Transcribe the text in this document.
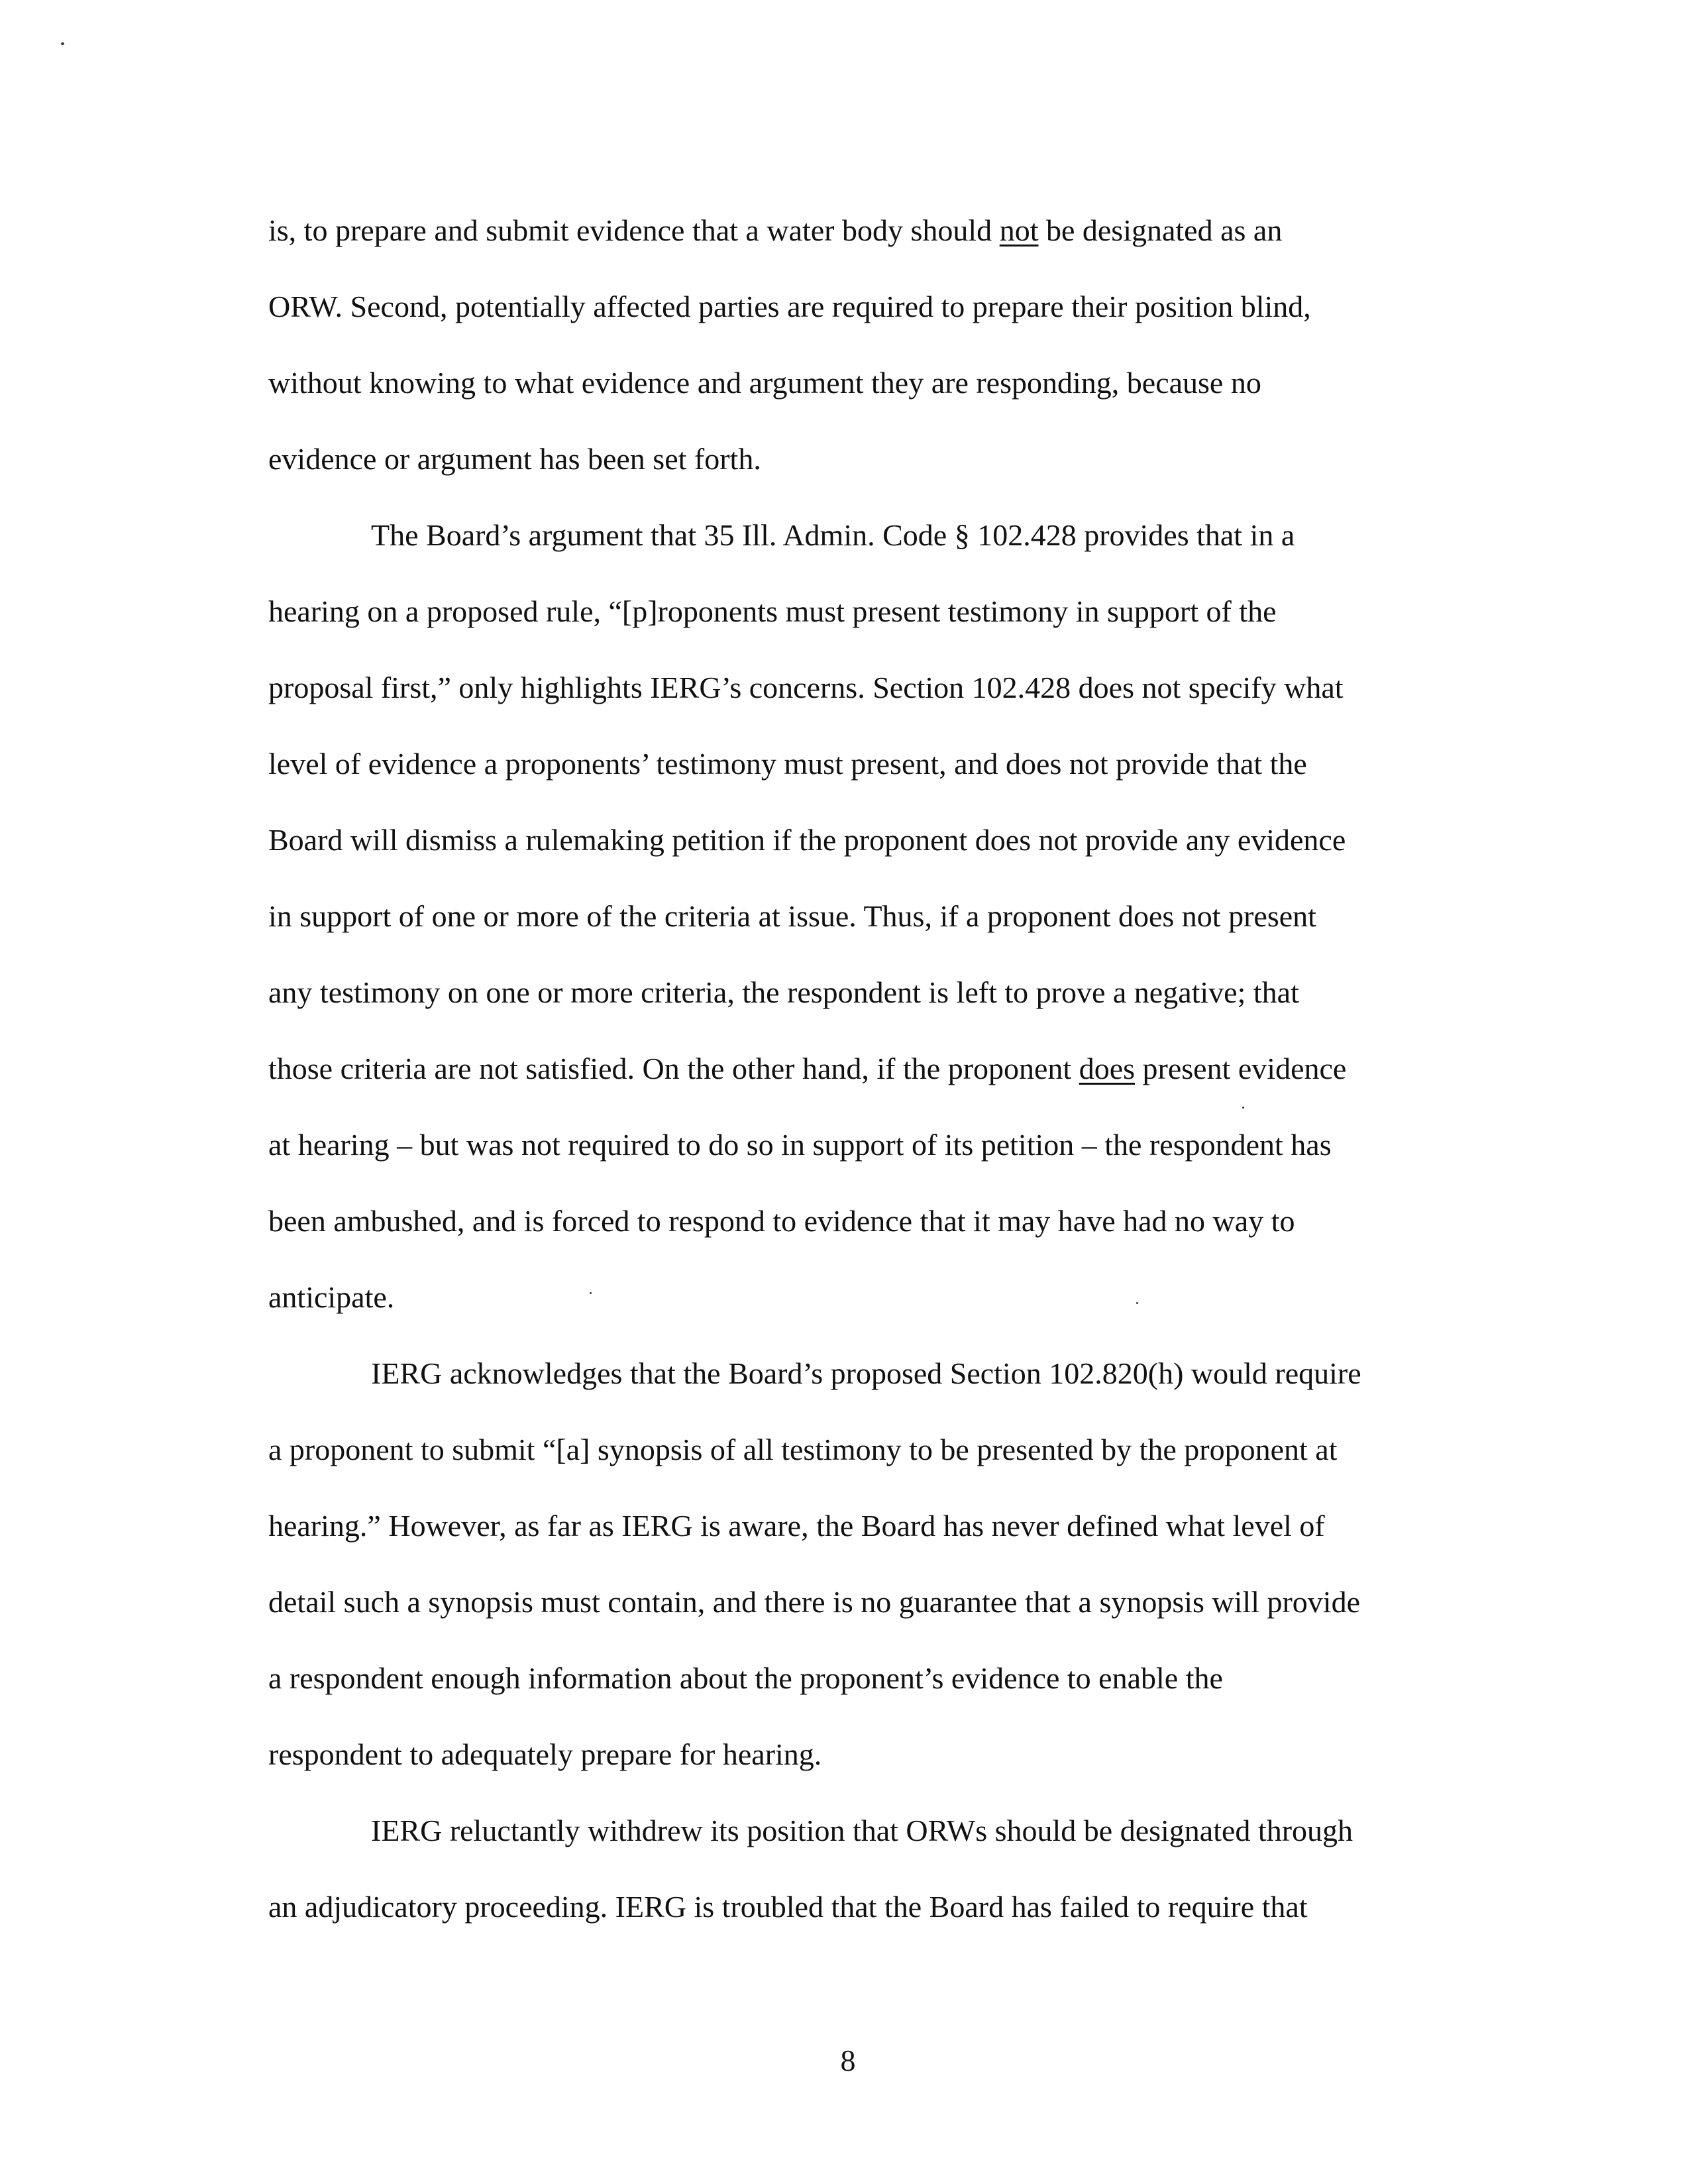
is, to prepare and submit evidence that a water body should not be designated as an
ORW. Second, potentially affected parties are required to prepare their position blind,
without knowing to what evidence and argument they are responding, because no
evidence or argument has been set forth.
The Board’s argument that 35 Ill. Admin. Code § 102.428 provides that in a
hearing on a proposed rule, “[p]roponents must present testimony in support of the
proposal first,” only highlights IERG’s concerns. Section 102.428 does not specify what
level of evidence a proponents’ testimony must present, and does not provide that the
Board will dismiss a rulemaking petition if the proponent does not provide any evidence
in support of one or more of the criteria at issue. Thus, if a proponent does not present
any testimony on one or more criteria, the respondent is left to prove a negative; that
those criteria are not satisfied. On the other hand, if the proponent does present evidence
at hearing – but was not required to do so in support of its petition – the respondent has
been ambushed, and is forced to respond to evidence that it may have had no way to
anticipate.
IERG acknowledges that the Board’s proposed Section 102.820(h) would require
a proponent to submit “[a] synopsis of all testimony to be presented by the proponent at
hearing.” However, as far as IERG is aware, the Board has never defined what level of
detail such a synopsis must contain, and there is no guarantee that a synopsis will provide
a respondent enough information about the proponent’s evidence to enable the
respondent to adequately prepare for hearing.
IERG reluctantly withdrew its position that ORWs should be designated through
an adjudicatory proceeding. IERG is troubled that the Board has failed to require that
8
